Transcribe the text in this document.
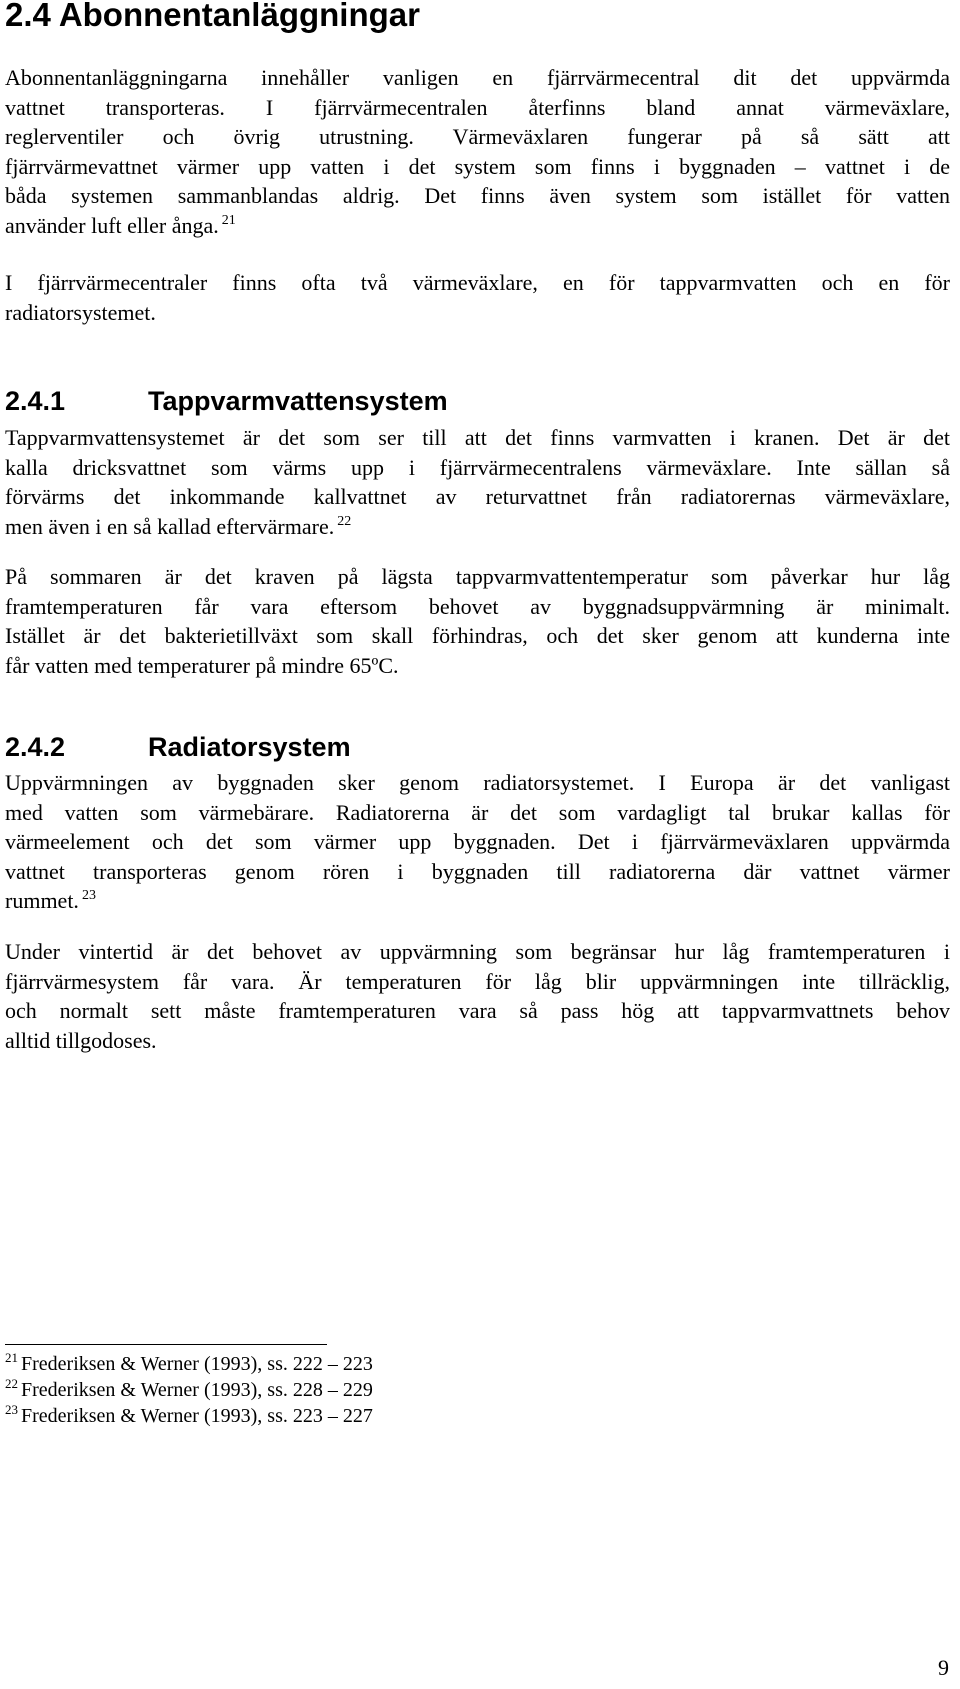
2.4 Abonnentanläggningar

Abonnentanläggningarna innehåller vanligen en fjärrvärmecentral dit det uppvärmda
vattnet transporteras. I fjärrvärmecentralen återfinns bland annat värmeväxlare,
reglerventiler och övrig utrustning. Värmeväxlaren fungerar på så sätt att
fjärrvärmevattnet värmer upp vatten i det system som finns i byggnaden – vattnet i de
båda systemen sammanblandas aldrig. Det finns även system som istället för vatten
använder luft eller ånga. $^{21}$

I fjärrvärmecentraler finns ofta två värmeväxlare, en för tappvarmvatten och en för
radiatorsystemet.

2.4.1	Tappvarmvattensystem

Tappvarmvattensystemet är det som ser till att det finns varmvatten i kranen. Det är det
kalla dricksvattnet som värms upp i fjärrvärmecentralens värmeväxlare. Inte sällan så
förvärms det inkommande kallvattnet av returvattnet från radiatorernas värmeväxlare,
men även i en så kallad eftervärmare. $^{22}$

På sommaren är det kraven på lägsta tappvarmvattentemperatur som påverkar hur låg
framtemperaturen får vara eftersom behovet av byggnadsuppvärmning är minimalt.
Istället är det bakterietillväxt som skall förhindras, och det sker genom att kunderna inte
får vatten med temperaturer på mindre 65ºC.

2.4.2	Radiatorsystem

Uppvärmningen av byggnaden sker genom radiatorsystemet. I Europa är det vanligast
med vatten som värmebärare. Radiatorerna är det som vardagligt tal brukar kallas för
värmeelement och det som värmer upp byggnaden. Det i fjärrvärmeväxlaren uppvärmda
vattnet transporteras genom rören i byggnaden till radiatorerna där vattnet värmer
rummet. $^{23}$

Under vintertid är det behovet av uppvärmning som begränsar hur låg framtemperaturen i
fjärrvärmesystem får vara. Är temperaturen för låg blir uppvärmningen inte tillräcklig,
och normalt sett måste framtemperaturen vara så pass hög att tappvarmvattnets behov
alltid tillgodoses.

$^{21}$ Frederiksen & Werner (1993), ss. 222 – 223
$^{22}$ Frederiksen & Werner (1993), ss. 228 – 229
$^{23}$ Frederiksen & Werner (1993), ss. 223 – 227
9
